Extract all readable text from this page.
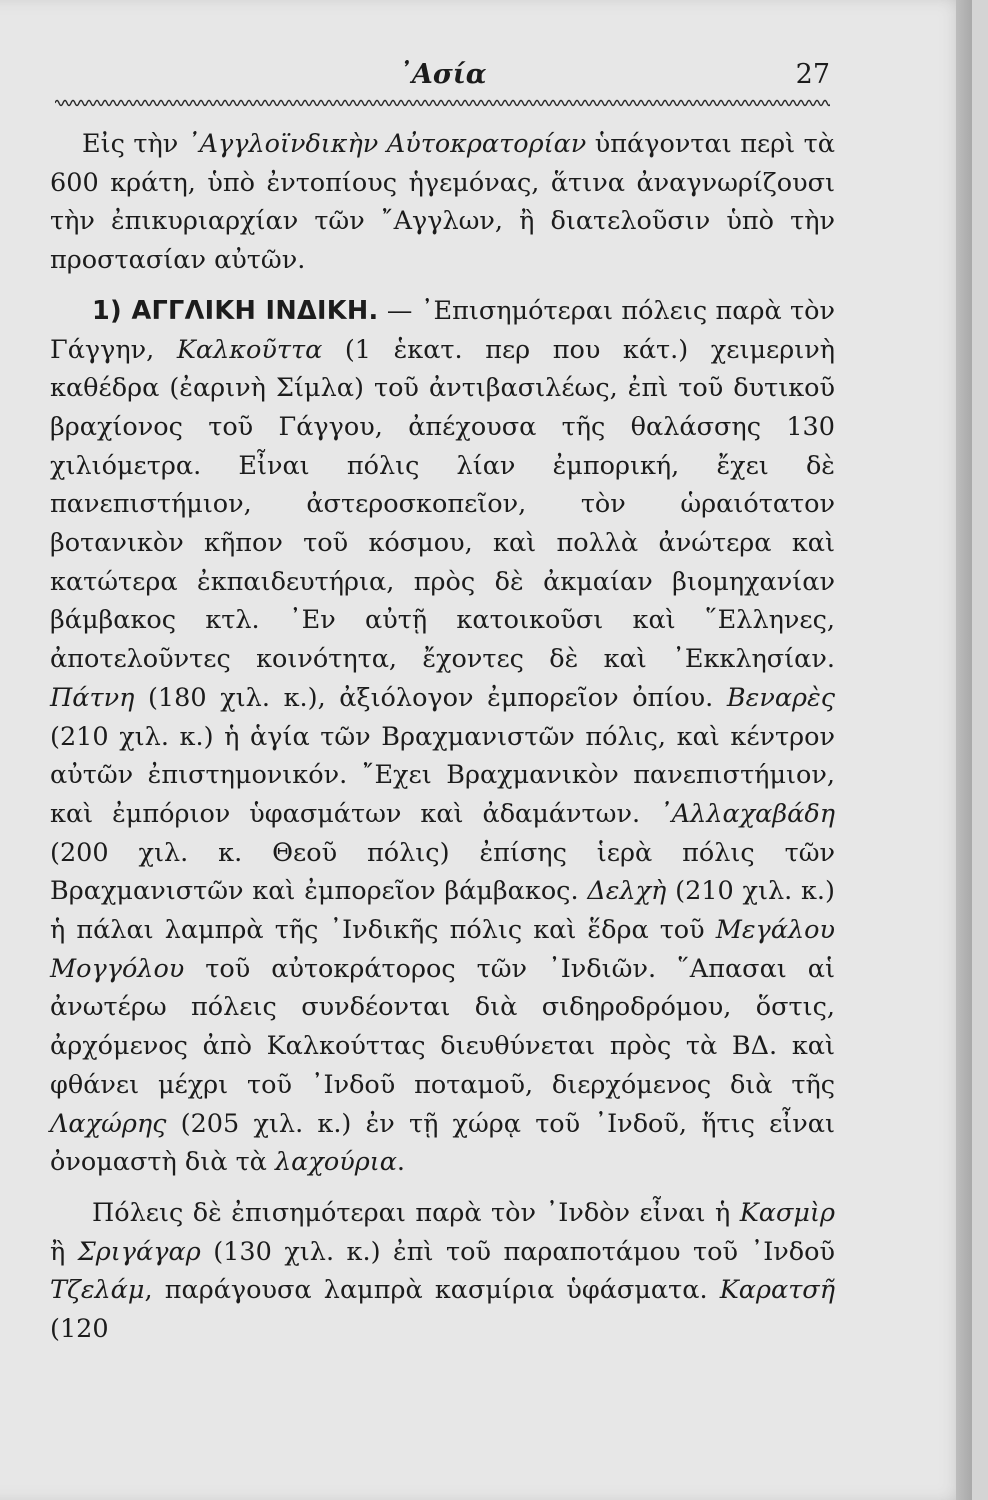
᾿Ασία	27

Εἰς τὴν ᾿Αγγλοϊνδικὴν Αὐτοκρατορίαν ὑπάγονται περὶ τὰ 600 κράτη, ὑπὸ ἐντοπίους ἡγεμόνας, ἅτινα ἀναγνωρίζουσι τὴν ἐπικυριαρχίαν τῶν ῎Αγγλων, ἢ διατελοῦσιν ὑπὸ τὴν προστασίαν αὐτῶν.

1) ΑΓΓΛΙΚΗ ΙΝΔΙΚΗ. — ᾿Επισημότεραι πόλεις παρὰ τὸν Γάγγην, Καλκοῦττα (1 ἑκατ. περ που κάτ.) χειμερινὴ καθέδρα (ἐαρινὴ Σίμλα) τοῦ ἀντιβασιλέως, ἐπὶ τοῦ δυτικοῦ βραχίονος τοῦ Γάγγου, ἀπέχουσα τῆς θαλάσσης 130 χιλιόμετρα. Εἶναι πόλις λίαν ἐμπορική, ἔχει δὲ πανεπιστήμιον, ἀστεροσκοπεῖον, τὸν ὡραιότατον βοτανικὸν κῆπον τοῦ κόσμου, καὶ πολλὰ ἀνώτερα καὶ κατώτερα ἐκπαιδευτήρια, πρὸς δὲ ἀκμαίαν βιομηχανίαν βάμβακος κτλ. ᾿Εν αὐτῇ κατοικοῦσι καὶ ῞Ελληνες, ἀποτελοῦντες κοινότητα, ἔχοντες δὲ καὶ ᾿Εκκλησίαν. Πάτνη (180 χιλ. κ.), ἀξιόλογον ἐμπορεῖον ὀπίου. Βεναρὲς (210 χιλ. κ.) ἡ ἁγία τῶν Βραχμανιστῶν πόλις, καὶ κέντρον αὐτῶν ἐπιστημονικόν. ῎Εχει Βραχμανικὸν πανεπιστήμιον, καὶ ἐμπόριον ὑφασμάτων καὶ ἀδαμάντων. ᾿Αλλαχαβάδη (200 χιλ. κ. Θεοῦ πόλις) ἐπίσης ἱερὰ πόλις τῶν Βραχμανιστῶν καὶ ἐμπορεῖον βάμβακος. Δελχὴ (210 χιλ. κ.) ἡ πάλαι λαμπρὰ τῆς ᾿Ινδικῆς πόλις καὶ ἕδρα τοῦ Μεγάλου Μογγόλου τοῦ αὐτοκράτορος τῶν ᾿Ινδιῶν. ῞Απασαι αἱ ἀνωτέρω πόλεις συνδέονται διὰ σιδηροδρόμου, ὅστις, ἀρχόμενος ἀπὸ Καλκούττας διευθύνεται πρὸς τὰ ΒΔ. καὶ φθάνει μέχρι τοῦ ᾿Ινδοῦ ποταμοῦ, διερχόμενος διὰ τῆς Λαχώρης (205 χιλ. κ.) ἐν τῇ χώρᾳ τοῦ ᾿Ινδοῦ, ἥτις εἶναι ὀνομαστὴ διὰ τὰ λαχούρια.

Πόλεις δὲ ἐπισημότεραι παρὰ τὸν ᾿Ινδὸν εἶναι ἡ Κασμὶρ ἢ Σριγάγαρ (130 χιλ. κ.) ἐπὶ τοῦ παραποτάμου τοῦ ᾿Ινδοῦ Τζελάμ, παράγουσα λαμπρὰ κασμίρια ὑφάσματα. Καρατσῆ (120
